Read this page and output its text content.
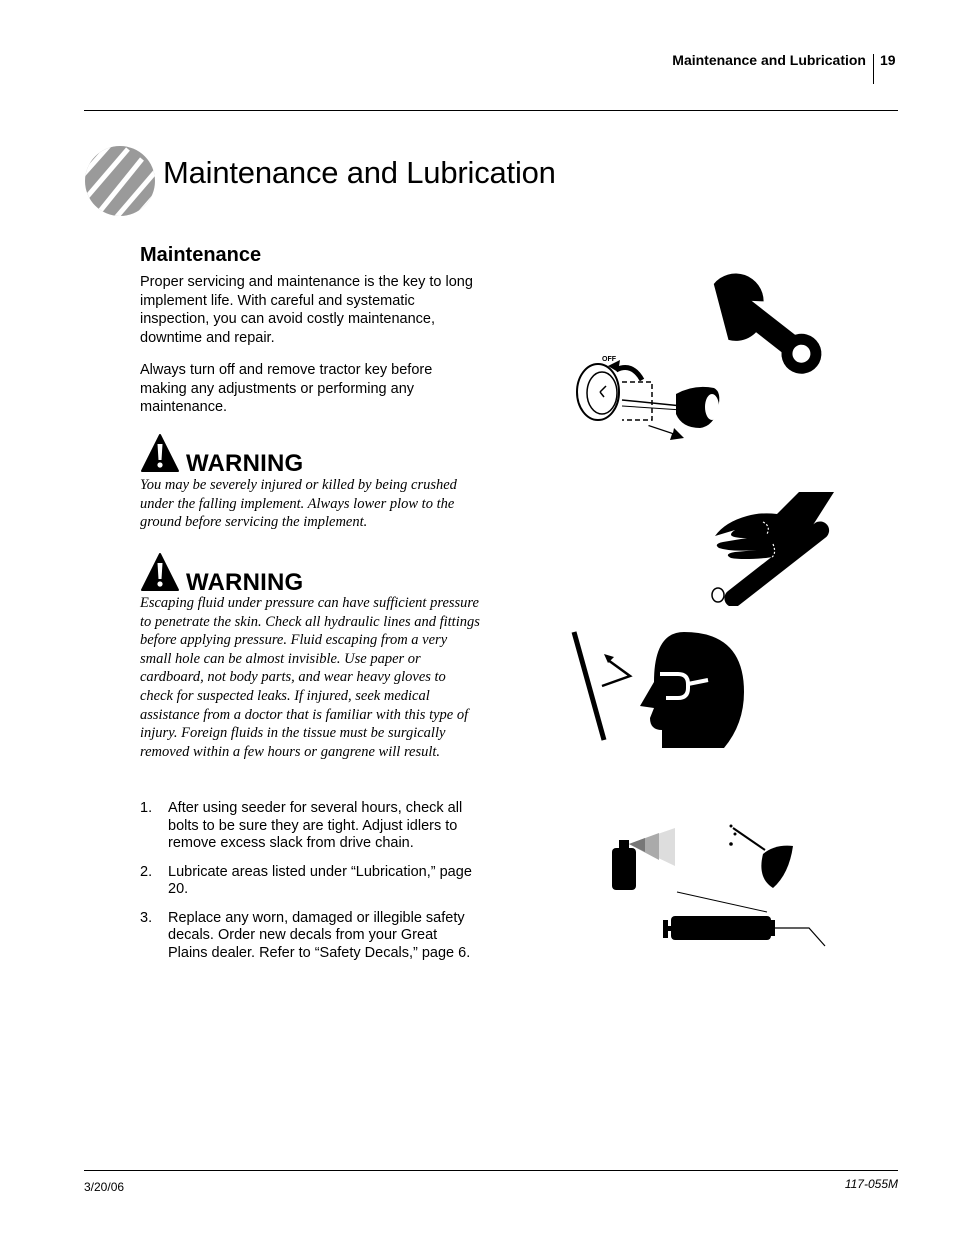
Maintenance and Lubrication 19
Maintenance and Lubrication
Maintenance
Proper servicing and maintenance is the key to long implement life. With careful and systematic inspection, you can avoid costly maintenance, downtime and repair.
Always turn off and remove tractor key before making any adjustments or performing any maintenance.
WARNING
You may be severely injured or killed by being crushed under the falling implement. Always lower plow to the ground before servicing the implement.
WARNING
Escaping fluid under pressure can have sufficient pressure to penetrate the skin. Check all hydraulic lines and fittings before applying pressure. Fluid escaping from a very small hole can be almost invisible. Use paper or cardboard, not body parts, and wear heavy gloves to check for suspected leaks. If injured, seek medical assistance from a doctor that is familiar with this type of injury. Foreign fluids in the tissue must be surgically removed within a few hours or gangrene will result.
1.	After using seeder for several hours, check all bolts to be sure they are tight. Adjust idlers to remove excess slack from drive chain.
2.	Lubricate areas listed under “Lubrication,” page 20.
3.	Replace any worn, damaged or illegible safety decals. Order new decals from your Great Plains dealer. Refer to “Safety Decals,” page 6.
OFF
3/20/06	117-055M
